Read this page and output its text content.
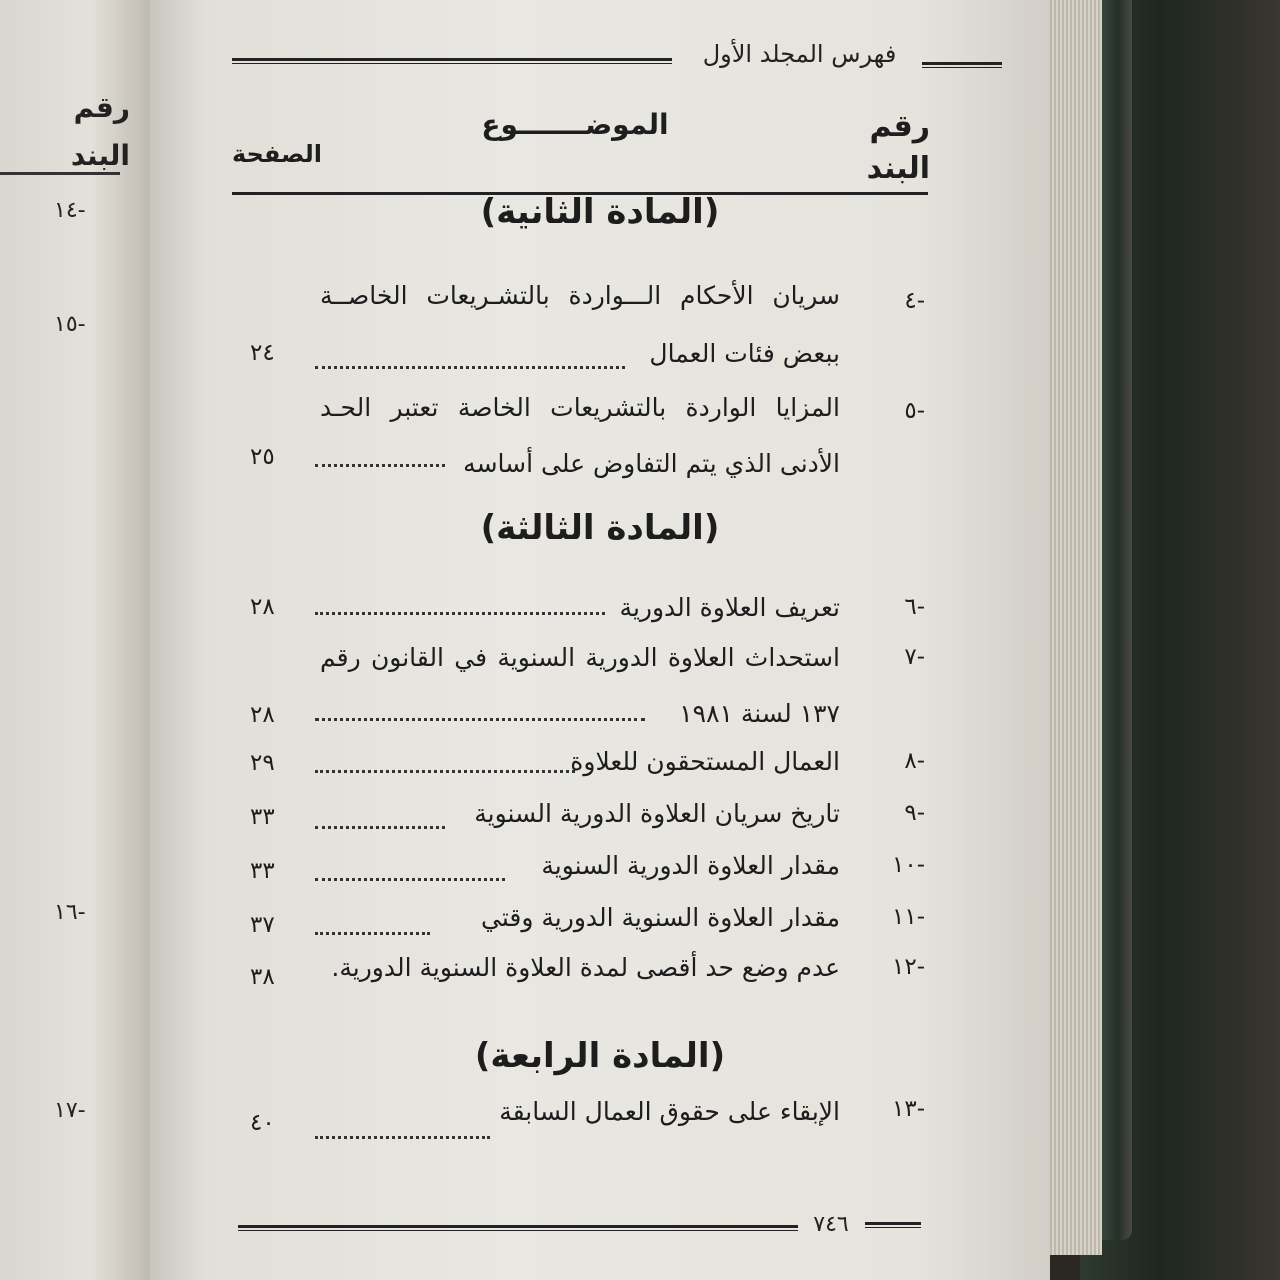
رقم
البند
١٤-
١٥-
١٦-
١٧-
فهرس المجلد الأول
رقم
البند
الموضـــــــوع
الصفحة
(المادة الثانية)
٤-
سريان الأحكام الـــواردة بالتشـريعات الخاصــة
ببعض فئات العمال
٢٤
٥-
المزايا الواردة بالتشريعات الخاصة تعتبر الحـد
الأدنى الذي يتم التفاوض على أساسه
٢٥
(المادة الثالثة)
٦-
تعريف العلاوة الدورية
٢٨
٧-
استحداث العلاوة الدورية السنوية في القانون رقم
١٣٧ لسنة ١٩٨١
٢٨
٨-
العمال المستحقون للعلاوة
٢٩
٩-
تاريخ سريان العلاوة الدورية السنوية
٣٣
١٠-
مقدار العلاوة الدورية السنوية
٣٣
١١-
مقدار العلاوة السنوية الدورية وقتي
٣٧
١٢-
عدم وضع حد أقصى لمدة العلاوة السنوية الدورية.
٣٨
(المادة الرابعة)
١٣-
الإبقاء على حقوق العمال السابقة
٤٠
٧٤٦
